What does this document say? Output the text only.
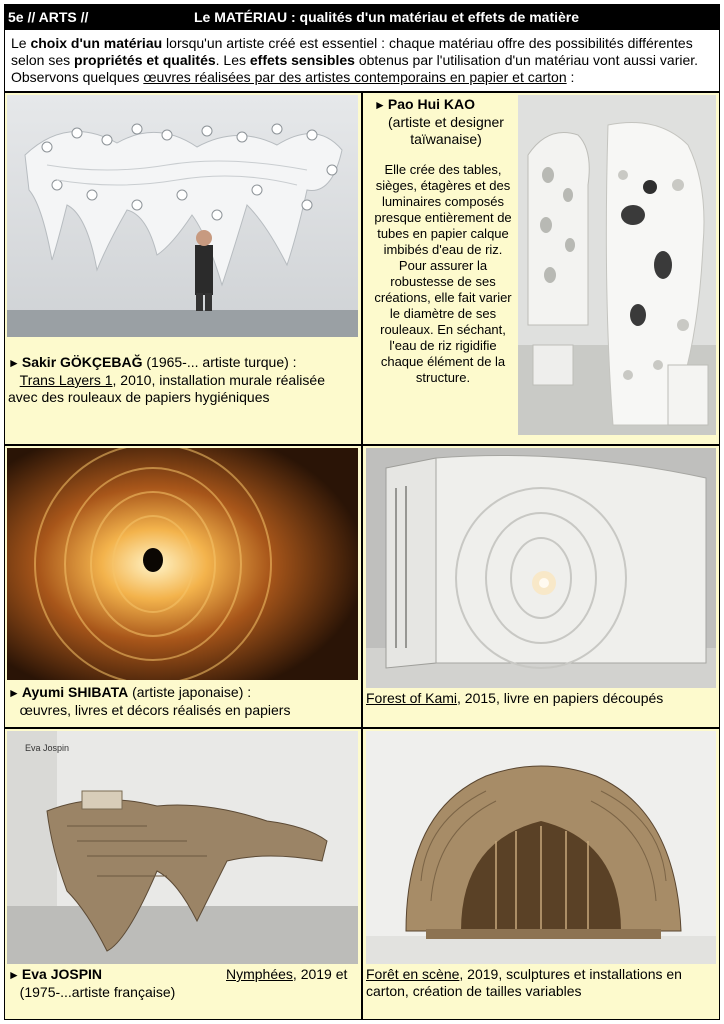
5e // ARTS //	Le MATÉRIAU : qualités d'un matériau et effets de matière
Le choix d'un matériau lorsqu'un artiste créé est essentiel : chaque matériau offre des possibilités différentes selon ses propriétés et qualités. Les effets sensibles obtenus par l'utilisation d'un matériau vont aussi varier. Observons quelques œuvres réalisées par des artistes contemporains en papier et carton :
► Sakir GÖKÇEBAĞ (1965-... artiste turque) :
Trans Layers 1, 2010, installation murale réalisée avec des rouleaux de papiers hygiéniques
► Pao Hui KAO
(artiste et designer taïwanaise)
Elle crée des tables, sièges, étagères et des luminaires composés presque entièrement de tubes en papier calque imbibés d'eau de riz. Pour assurer la robustesse de ses créations, elle fait varier le diamètre de ses rouleaux. En séchant, l'eau de riz rigidifie chaque élément de la structure.
► Ayumi SHIBATA (artiste japonaise) :
œuvres, livres et décors réalisés en papiers
Forest of Kami, 2015, livre en papiers découpés
Eva Jospin
► Eva JOSPIN
(1975-...artiste française)
Nymphées, 2019 et	Forêt en scène, 2019, sculptures et installations en carton, création de tailles variables
